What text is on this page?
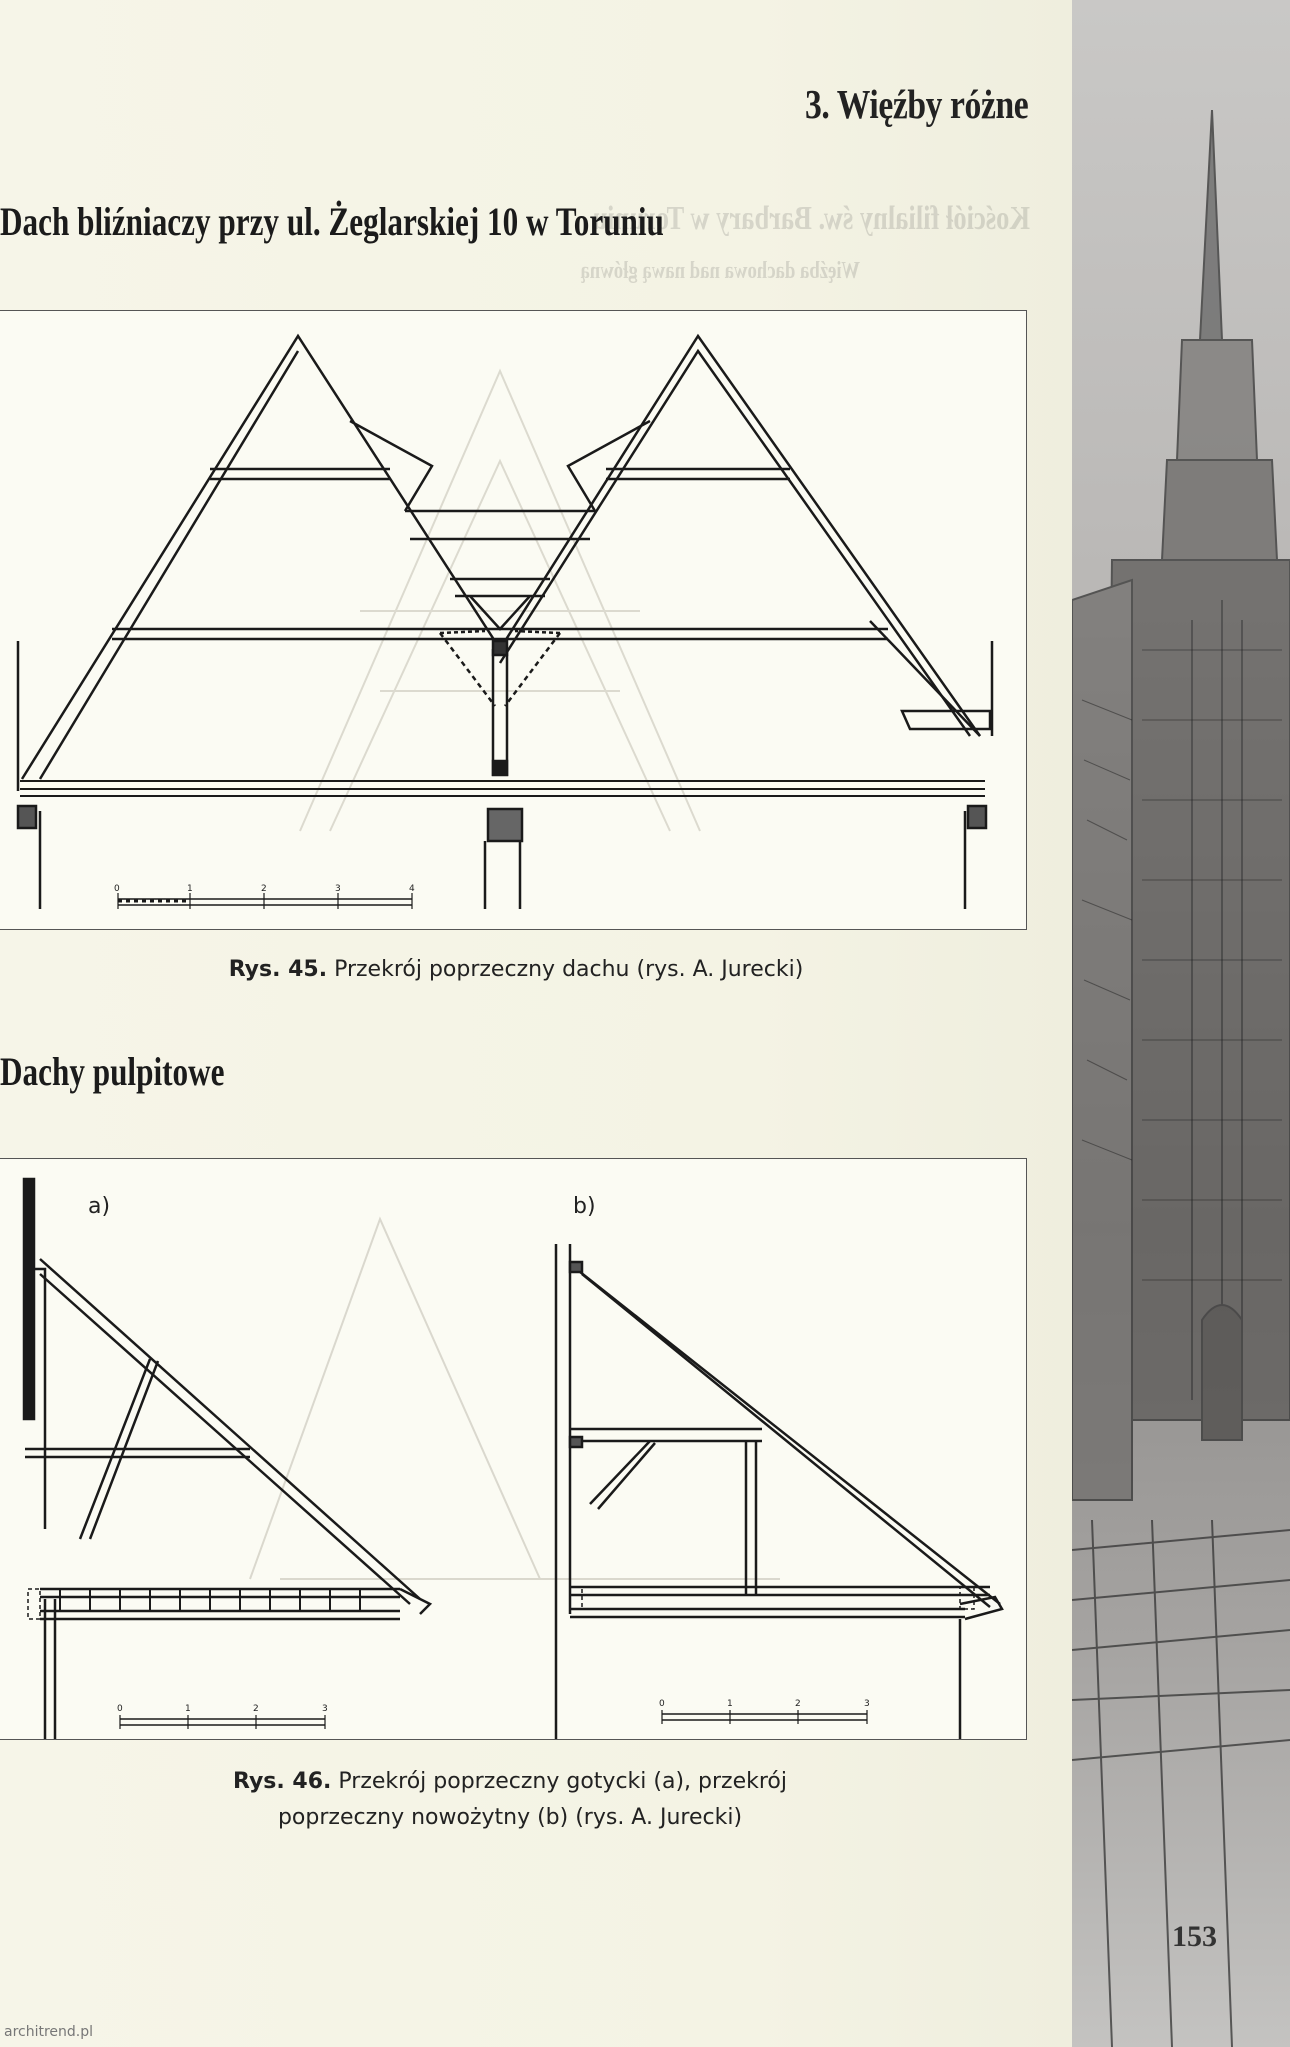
3. Więźby różne
Kościół filialny św. Barbary w Toruniu
Więźba dachowa nad nawą główną
Dach bliźniaczy przy ul. Żeglarskiej 10 w Toruniu
0	1	2	3	4
Rys. 45. Przekrój poprzeczny dachu (rys. A. Jurecki)
Dachy pulpitowe
a)	b)
0	1	2	3	0	1	2	3
Rys. 46. Przekrój poprzeczny gotycki (a), przekrój
poprzeczny nowożytny (b) (rys. A. Jurecki)
153
architrend.pl
